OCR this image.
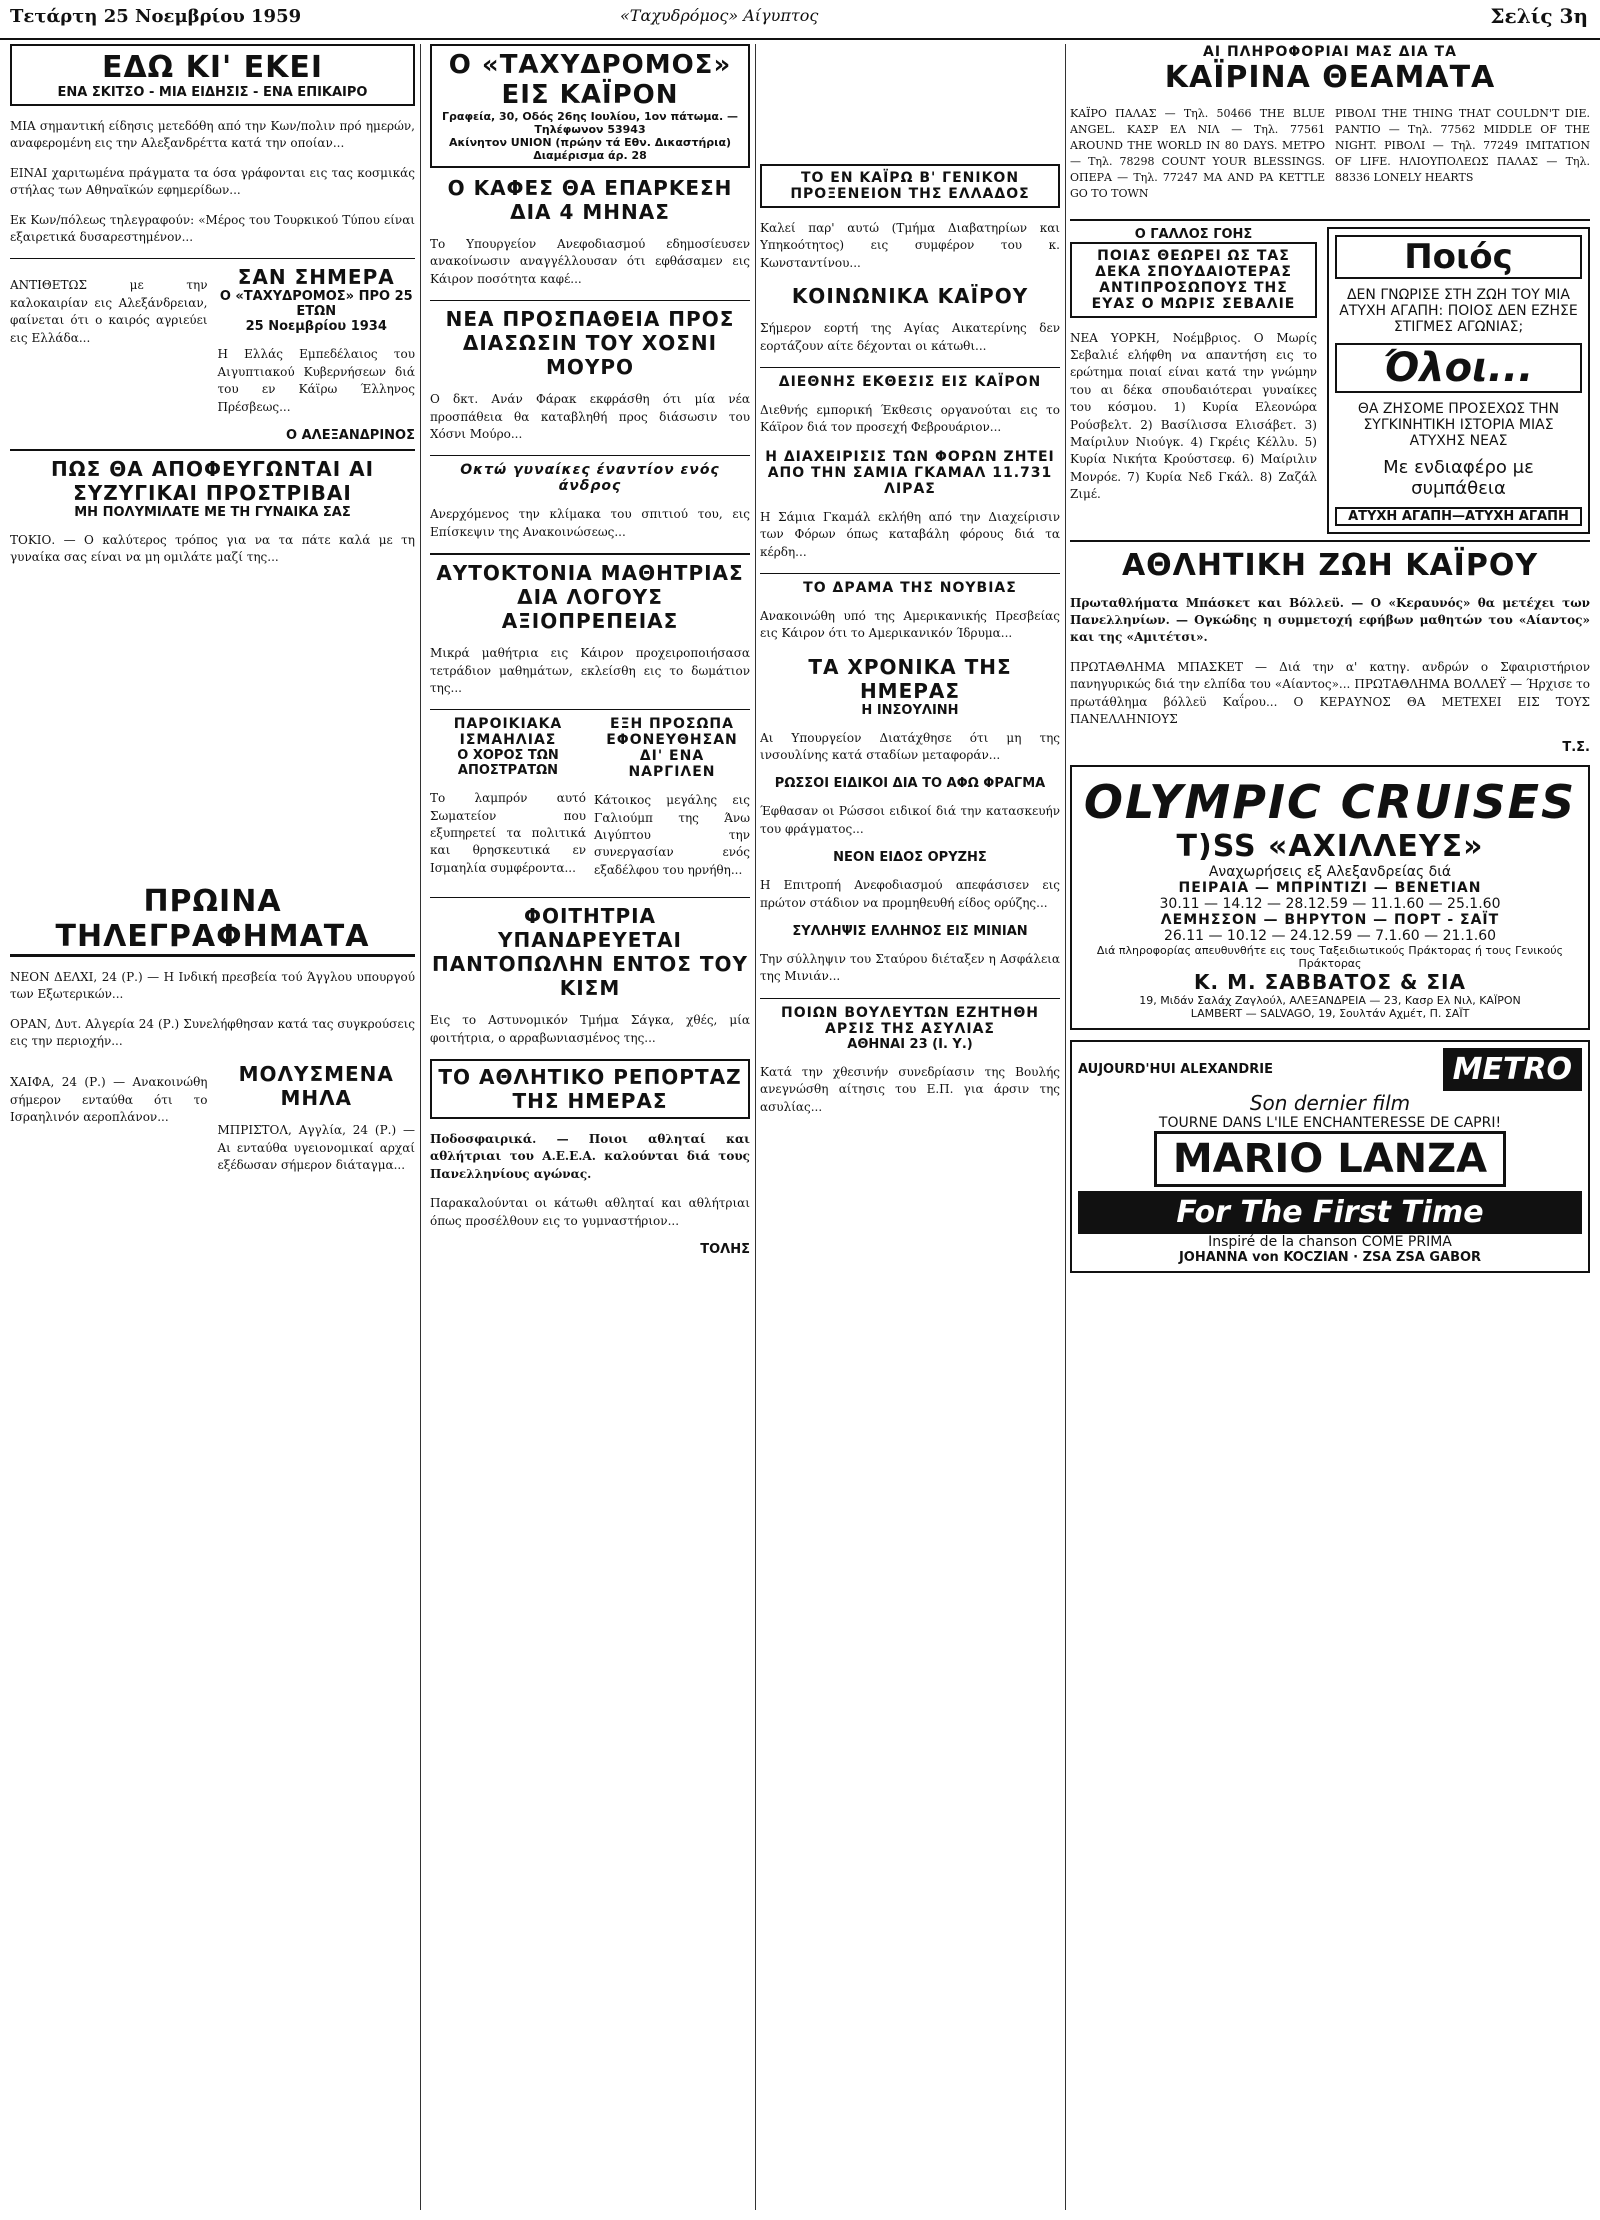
Τετάρτη 25 Νοεμβρίου 1959	«Ταχυδρόμος» Αίγυπτος	Σελίς 3η
ΕΔΩ ΚΙ' ΕΚΕΙ
ΕΝΑ ΣΚΙΤΣΟ - ΜΙΑ ΕΙΔΗΣΙΣ - ΕΝΑ ΕΠΙΚΑΙΡΟ

ΜΙΑ σημαντική είδησις μετεδόθη από την Κων/πολιν πρό ημερών, αναφερομένη εις την Αλεξανδρέττα κατά την οποίαν...

ΕΙΝΑΙ χαριτωμένα πράγματα τα όσα γράφονται εις τας κοσμικάς στήλας των Αθηναϊκών εφημερίδων...

Εκ Κων/πόλεως τηλεγραφούν: «Μέρος του Τουρκικού Τύπου είναι εξαιρετικά δυσαρεστημένον...

ΑΝΤΙΘΕΤΩΣ με την καλοκαιρίαν εις Αλεξάνδρειαν, φαίνεται ότι ο καιρός αγριεύει εις Ελλάδα...

ΣΑΝ ΣΗΜΕΡΑ
Ο «ΤΑΧΥΔΡΟΜΟΣ» ΠΡΟ 25 ΕΤΩΝ
25 Νοεμβρίου 1934

Η Ελλάς Εμπεδέλαιος του Αιγυπτιακού Κυβερνήσεων διά του εν Κάϊρω Έλληνος Πρέσβεως...

Ο ΑΛΕΞΑΝΔΡΙΝΟΣ
ΠΩΣ ΘΑ ΑΠΟΦΕΥΓΩΝΤΑΙ ΑΙ ΣΥΖΥΓΙΚΑΙ ΠΡΟΣΤΡΙΒΑΙ
ΜΗ ΠΟΛΥΜΙΛΑΤΕ ΜΕ ΤΗ ΓΥΝΑΙΚΑ ΣΑΣ

ΤΟΚΙΟ. — Ο καλύτερος τρόπος για να τα πάτε καλά με τη γυναίκα σας είναι να μη ομιλάτε μαζί της...

ΠΡΩΙΝΑ ΤΗΛΕΓΡΑΦΗΜΑΤΑ

ΝΕΟΝ ΔΕΛΧΙ, 24 (Ρ.) — Η Ινδική πρεσβεία τού Άγγλου υπουργού των Εξωτερικών...

ΟΡΑΝ, Δυτ. Αλγερία 24 (Ρ.) Συνελήφθησαν κατά τας συγκρούσεις εις την περιοχήν...

ΧΑΙΦΑ, 24 (Ρ.) — Ανακοινώθη σήμερον ενταύθα ότι το Ισραηλινόν αεροπλάνον...

ΜΟΛΥΣΜΕΝΑ ΜΗΛΑ

ΜΠΡΙΣΤΟΛ, Αγγλία, 24 (Ρ.) — Αι ενταύθα υγειονομικαί αρχαί εξέδωσαν σήμερον διάταγμα...

Ο «ΤΑΧΥΔΡΟΜΟΣ» ΕΙΣ ΚΑΪΡΟΝ
Γραφεία, 30, Οδός 26ης Ιουλίου, 1ον πάτωμα. — Τηλέφωνον 53943
Ακίνητον UNION (πρώην τά Εθν. Δικαστήρια) Διαμέρισμα άρ. 28
Ο ΚΑΦΕΣ ΘΑ ΕΠΑΡΚΕΣΗ ΔΙΑ 4 ΜΗΝΑΣ

Το Υπουργείον Ανεφοδιασμού εδημοσίευσεν ανακοίνωσιν αναγγέλλουσαν ότι εφθάσαμεν εις Κάιρον ποσότητα καφέ...

ΝΕΑ ΠΡΟΣΠΑΘΕΙΑ ΠΡΟΣ ΔΙΑΣΩΣΙΝ ΤΟΥ ΧΟΣΝΙ ΜΟΥΡΟ

Ο δκτ. Ανάν Φάρακ εκφράσθη ότι μία νέα προσπάθεια θα καταβληθή προς διάσωσιν του Χόσνι Μούρο...

Οκτώ γυναίκες έναντίον ενός άνδρος

Ανερχόμενος την κλίμακα του σπιτιού του, εις Επίσκεψιν της Ανακοινώσεως...

ΑΥΤΟΚΤΟΝΙΑ ΜΑΘΗΤΡΙΑΣ ΔΙΑ ΛΟΓΟΥΣ ΑΞΙΟΠΡΕΠΕΙΑΣ

Μικρά μαθήτρια εις Κάιρον προχειροποιήσασα τετράδιον μαθημάτων, εκλείσθη εις το δωμάτιον της...

ΠΑΡΟΙΚΙΑΚΑ ΙΣΜΑΗΛΙΑΣ
Ο ΧΟΡΟΣ ΤΩΝ ΑΠΟΣΤΡΑΤΩΝ

Το λαμπρόν αυτό Σωματείον που εξυπηρετεί τα πολιτικά και θρησκευτικά εν Ισμαηλία συμφέροντα...

ΕΞΗ ΠΡΟΣΩΠΑ ΕΦΟΝΕΥΘΗΣΑΝ ΔΙ' ΕΝΑ ΝΑΡΓΙΛΕΝ

Κάτοικος μεγάλης εις Γαλιούμπ της Άνω Αιγύπτου την συνεργασίαν ενός εξαδέλφου του ηρνήθη...

ΦΟΙΤΗΤΡΙΑ ΥΠΑΝΔΡΕΥΕΤΑΙ ΠΑΝΤΟΠΩΛΗΝ ΕΝΤΟΣ ΤΟΥ ΚΙΣΜ

Εις το Αστυνομικόν Τμήμα Σάγκα, χθές, μία φοιτήτρια, ο αρραβωνιασμένος της...

ΤΟ ΑΘΛΗΤΙΚΟ ΡΕΠΟΡΤΑΖ ΤΗΣ ΗΜΕΡΑΣ

Ποδοσφαιρικά. — Ποιοι αθληταί και αθλήτριαι του Α.Ε.Ε.Α. καλούνται διά τους Πανελληνίους αγώνας.

Παρακαλούνται οι κάτωθι αθληταί και αθλήτριαι όπως προσέλθουν εις το γυμναστήριον...

ΤΟΛΗΣ
ΤΟ ΕΝ ΚΑΪΡΩ Β' ΓΕΝΙΚΟΝ ΠΡΟΞΕΝΕΙΟΝ ΤΗΣ ΕΛΛΑΔΟΣ

Καλεί παρ' αυτώ (Τμήμα Διαβατηρίων και Υπηκοότητος) εις συμφέρον του κ. Κωνσταντίνου...

ΚΟΙΝΩΝΙΚΑ ΚΑΪΡΟΥ

Σήμερον εορτή της Αγίας Αικατερίνης δεν εορτάζουν αίτε δέχονται οι κάτωθι...

ΔΙΕΘΝΗΣ ΕΚΘΕΣΙΣ ΕΙΣ ΚΑΪΡΟΝ

Διεθνής εμπορική Έκθεσις οργανούται εις το Κάϊρον διά τον προσεχή Φεβρουάριον...

Η ΔΙΑΧΕΙΡΙΣΙΣ ΤΩΝ ΦΟΡΩΝ ΖΗΤΕΙ ΑΠΟ ΤΗΝ ΣΑΜΙΑ ΓΚΑΜΑΛ 11.731 ΛΙΡΑΣ

Η Σάμια Γκαμάλ εκλήθη από την Διαχείρισιν των Φόρων όπως καταβάλη φόρους διά τα κέρδη...

ΤΟ ΔΡΑΜΑ ΤΗΣ ΝΟΥΒΙΑΣ

Ανακοινώθη υπό της Αμερικανικής Πρεσβείας εις Κάιρον ότι το Αμερικανικόν Ίδρυμα...

ΤΑ ΧΡΟΝΙΚΑ ΤΗΣ ΗΜΕΡΑΣ
Η ΙΝΣΟΥΛΙΝΗ

Αι Υπουργείον Διατάχθησε ότι μη της ινσουλίνης κατά σταδίων μεταφοράν...

ΡΩΣΣΟΙ ΕΙΔΙΚΟΙ ΔΙΑ ΤΟ ΑΦΩ ΦΡΑΓΜΑ

Έφθασαν οι Ρώσσοι ειδικοί διά την κατασκευήν του φράγματος...

ΝΕΟΝ ΕΙΔΟΣ ΟΡΥΖΗΣ

Η Επιτροπή Ανεφοδιασμού απεφάσισεν εις πρώτον στάδιον να προμηθευθή είδος ορύζης...

ΣΥΛΛΗΨΙΣ ΕΛΛΗΝΟΣ ΕΙΣ ΜΙΝΙΑΝ

Την σύλληψιν του Σταύρου διέταξεν η Ασφάλεια της Μινιάν...

ΠΟΙΩΝ ΒΟΥΛΕΥΤΩΝ ΕΖΗΤΗΘΗ ΑΡΣΙΣ ΤΗΣ ΑΣΥΛΙΑΣ
ΑΘΗΝΑΙ 23 (Ι. Υ.)

Κατά την χθεσινήν συνεδρίασιν της Βουλής ανεγνώσθη αίτησις του Ε.Π. για άρσιν της ασυλίας...

ΑΙ ΠΛΗΡΟΦΟΡΙΑΙ ΜΑΣ ΔΙΑ ΤΑ
ΚΑΪΡΙΝΑ ΘΕΑΜΑΤΑ

ΚΑΪΡΟ ΠΑΛΑΣ — Τηλ. 50466 THE BLUE ANGEL. ΚΑΣΡ ΕΛ ΝΙΛ — Τηλ. 77561 AROUND THE WORLD IN 80 DAYS. ΜΕΤΡΟ — Τηλ. 78298 COUNT YOUR BLESSINGS. ΟΠΕΡΑ — Τηλ. 77247 MA AND PA KETTLE GO TO TOWN

ΡΙΒΟΛΙ THE THING THAT COULDN'T DIE. ΡΑΝΤΙΟ — Τηλ. 77562 MIDDLE OF THE NIGHT. ΡΙΒΟΛΙ — Τηλ. 77249 IMITATION OF LIFE. ΗΛΙΟΥΠΟΛΕΩΣ ΠΑΛΑΣ — Τηλ. 88336 LONELY HEARTS

Ο ΓΑΛΛΟΣ ΓΟΗΣ
ΠΟΙΑΣ ΘΕΩΡΕΙ ΩΣ ΤΑΣ ΔΕΚΑ ΣΠΟΥΔΑΙΟΤΕΡΑΣ ΑΝΤΙΠΡΟΣΩΠΟΥΣ ΤΗΣ ΕΥΑΣ Ο ΜΩΡΙΣ ΣΕΒΑΛΙΕ

ΝΕΑ ΥΟΡΚΗ, Νοέμβριος. Ο Μωρίς Σεβαλιέ ελήφθη να απαντήση εις το ερώτημα ποιαί είναι κατά την γνώμην του αι δέκα σπουδαιότεραι γυναίκες του κόσμου. 1) Κυρία Ελεονώρα Ρούσβελτ. 2) Βασίλισσα Ελισάβετ. 3) Μαίριλυν Νιούγκ. 4) Γκρέις Κέλλυ. 5) Κυρία Νικήτα Κρούστσεφ. 6) Μαίριλιν Μονρόε. 7) Κυρία Νεδ Γκάλ. 8) Ζαζάλ Ζιμέ.

Ποιός
ΔΕΝ ΓΝΩΡΙΣΕ ΣΤΗ ΖΩΗ ΤΟΥ ΜΙΑ ΑΤΥΧΗ ΑΓΑΠΗ: ΠΟΙΟΣ ΔΕΝ ΕΖΗΣΕ ΣΤΙΓΜΕΣ ΑΓΩΝΙΑΣ;
Όλοι...
ΘΑ ΖΗΣΟΜΕ ΠΡΟΣΕΧΩΣ ΤΗΝ ΣΥΓΚΙΝΗΤΙΚΗ ΙΣΤΟΡΙΑ ΜΙΑΣ ΑΤΥΧΗΣ ΝΕΑΣ
Με ενδιαφέρο με συμπάθεια
ΑΤΥΧΗ ΑΓΑΠΗ—ΑΤΥΧΗ ΑΓΑΠΗ
ΑΘΛΗΤΙΚΗ ΖΩΗ ΚΑΪΡΟΥ

Πρωταθλήματα Μπάσκετ και Βόλλεϋ. — Ο «Κεραυνός» θα μετέχει των Πανελληνίων. — Ογκώδης η συμμετοχή εφήβων μαθητών του «Αίαντος» και της «Αμιτέτσι».

ΠΡΩΤΑΘΛΗΜΑ ΜΠΑΣΚΕΤ — Διά την α' κατηγ. ανδρών ο Σφαιριστήριον πανηγυρικώς διά την ελπίδα του «Αίαντος»... ΠΡΩΤΑΘΛΗΜΑ ΒΟΛΛΕΫ — Ήρχισε το πρωτάθλημα βόλλεϋ Καΐρου... Ο ΚΕΡΑΥΝΟΣ ΘΑ ΜΕΤΕΧΕΙ ΕΙΣ ΤΟΥΣ ΠΑΝΕΛΛΗΝΙΟΥΣ

Τ.Σ.
OLYMPIC CRUISES
T)SS «ΑΧΙΛΛΕΥΣ»
Αναχωρήσεις εξ Αλεξανδρείας διά
ΠΕΙΡΑΙΑ — ΜΠΡΙΝΤΙΖΙ — ΒΕΝΕΤΙΑΝ
30.11 — 14.12 — 28.12.59 — 11.1.60 — 25.1.60
ΛΕΜΗΣΣΟΝ — ΒΗΡΥΤΟΝ — ΠΟΡΤ - ΣΑΪΤ
26.11 — 10.12 — 24.12.59 — 7.1.60 — 21.1.60
Διά πληροφορίας απευθυνθήτε εις τους Ταξειδιωτικούς Πράκτορας ή τους Γενικούς Πράκτορας
Κ. Μ. ΣΑΒΒΑΤΟΣ & ΣΙΑ
19, Μιδάν Σαλάχ Ζαγλούλ, ΑΛΕΞΑΝΔΡΕΙΑ — 23, Κασρ Ελ Νιλ, ΚΑΪΡΟΝ
LAMBERT — SALVAGO, 19, Σουλτάν Αχμέτ, Π. ΣΑΪΤ
AUJOURD'HUI ALEXANDRIE	METRO
Son dernier film
TOURNE DANS L'ILE ENCHANTERESSE DE CAPRI!
MARIO LANZA
For The First Time
Inspiré de la chanson COME PRIMA
JOHANNA von KOCZIAN · ZSA ZSA GABOR
